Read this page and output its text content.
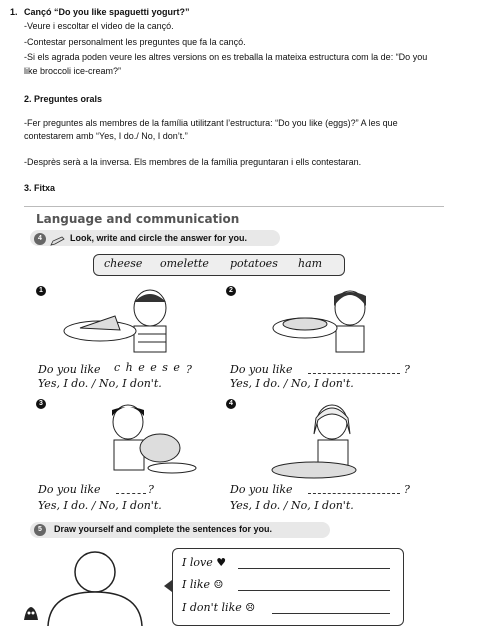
1. Cançó “Do you like spaguetti yogurt?”
-Veure i escoltar el video de la cançó.
-Contestar personalment les preguntes que fa la cançó.
-Si els agrada poden veure les altres versions on es treballa la mateixa estructura com la de: “Do you
like broccoli ice-cream?”
2. Preguntes orals
-Fer preguntes als membres de la família utilitzant l’estructura: “Do you like (eggs)?” A les que
contestarem amb “Yes, I do./ No, I don’t.”
-Desprès serà a la inversa. Els membres de la família preguntaran i ells contestaran.
3. Fitxa
Language and communication
4	Look, write and circle the answer for you.
cheese omelette potatoes ham
1
Do you like c h e e s e ?
Yes, I do. / No, I don't.
2
Do you like	?
Yes, I do. / No, I don't.
3
Do you like	?
Yes, I do. / No, I don't.
4
Do you like	?
Yes, I do. / No, I don't.
5	Draw yourself and complete the sentences for you.
I love ♥
I like ☺
I don't like ☹
